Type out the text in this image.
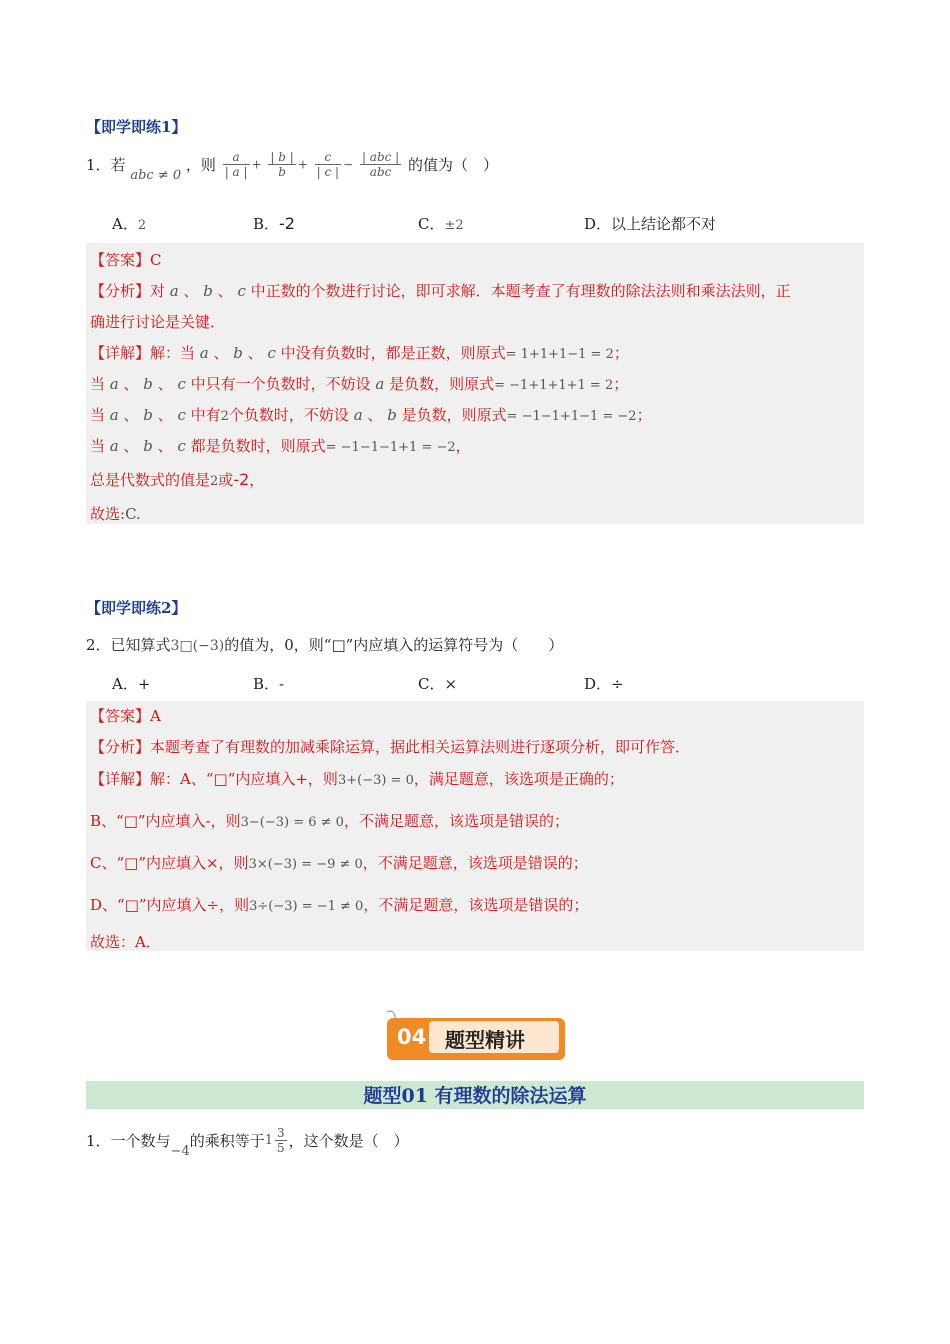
【即学即练1】
1．若 abc ≠ 0 ，则 $\frac{a}{| a |} + \frac{| b |}{b} + \frac{c}{| c |} - \frac{\text{| abc |}}{\text{abc}}$ 的值为（　）
A．2	B．-2	C．±2	D．以上结论都不对
【答案】C
【分析】对 a 、 b 、 c 中正数的个数进行讨论，即可求解．本题考查了有理数的除法法则和乘法法则，正
确进行讨论是关键．
【详解】解：当 a 、 b 、 c 中没有负数时，都是正数，则原式= 1+1+1−1 = 2；
当 a 、 b 、 c 中只有一个负数时，不妨设 a 是负数，则原式= −1+1+1+1 = 2；
当 a 、 b 、 c 中有2个负数时，不妨设 a 、 b 是负数，则原式= −1−1+1−1 = −2；
当 a 、 b 、 c 都是负数时，则原式= −1−1−1+1 = −2，
总是代数式的值是2或-2，
故选:C.
【即学即练2】
2．已知算式3□(−3)的值为，0，则“□”内应填入的运算符号为（　　）
A．+	B．-	C．×	D．÷
【答案】A
【分析】本题考查了有理数的加减乘除运算，据此相关运算法则进行逐项分析，即可作答．
【详解】解：A、“□”内应填入+，则3+(−3) = 0，满足题意，该选项是正确的；
B、“□”内应填入-，则3−(−3) = 6 ≠ 0，不满足题意，该选项是错误的；
C、“□”内应填入×，则3×(−3) = −9 ≠ 0，不满足题意，该选项是错误的；
D、“□”内应填入÷，则3÷(−3) = −1 ≠ 0，不满足题意，该选项是错误的；
故选：A．
04 题型精讲
题型01 有理数的除法运算
1．一个数与−4的乘积等于$1 \frac{3}{5}$ ，这个数是（　）
